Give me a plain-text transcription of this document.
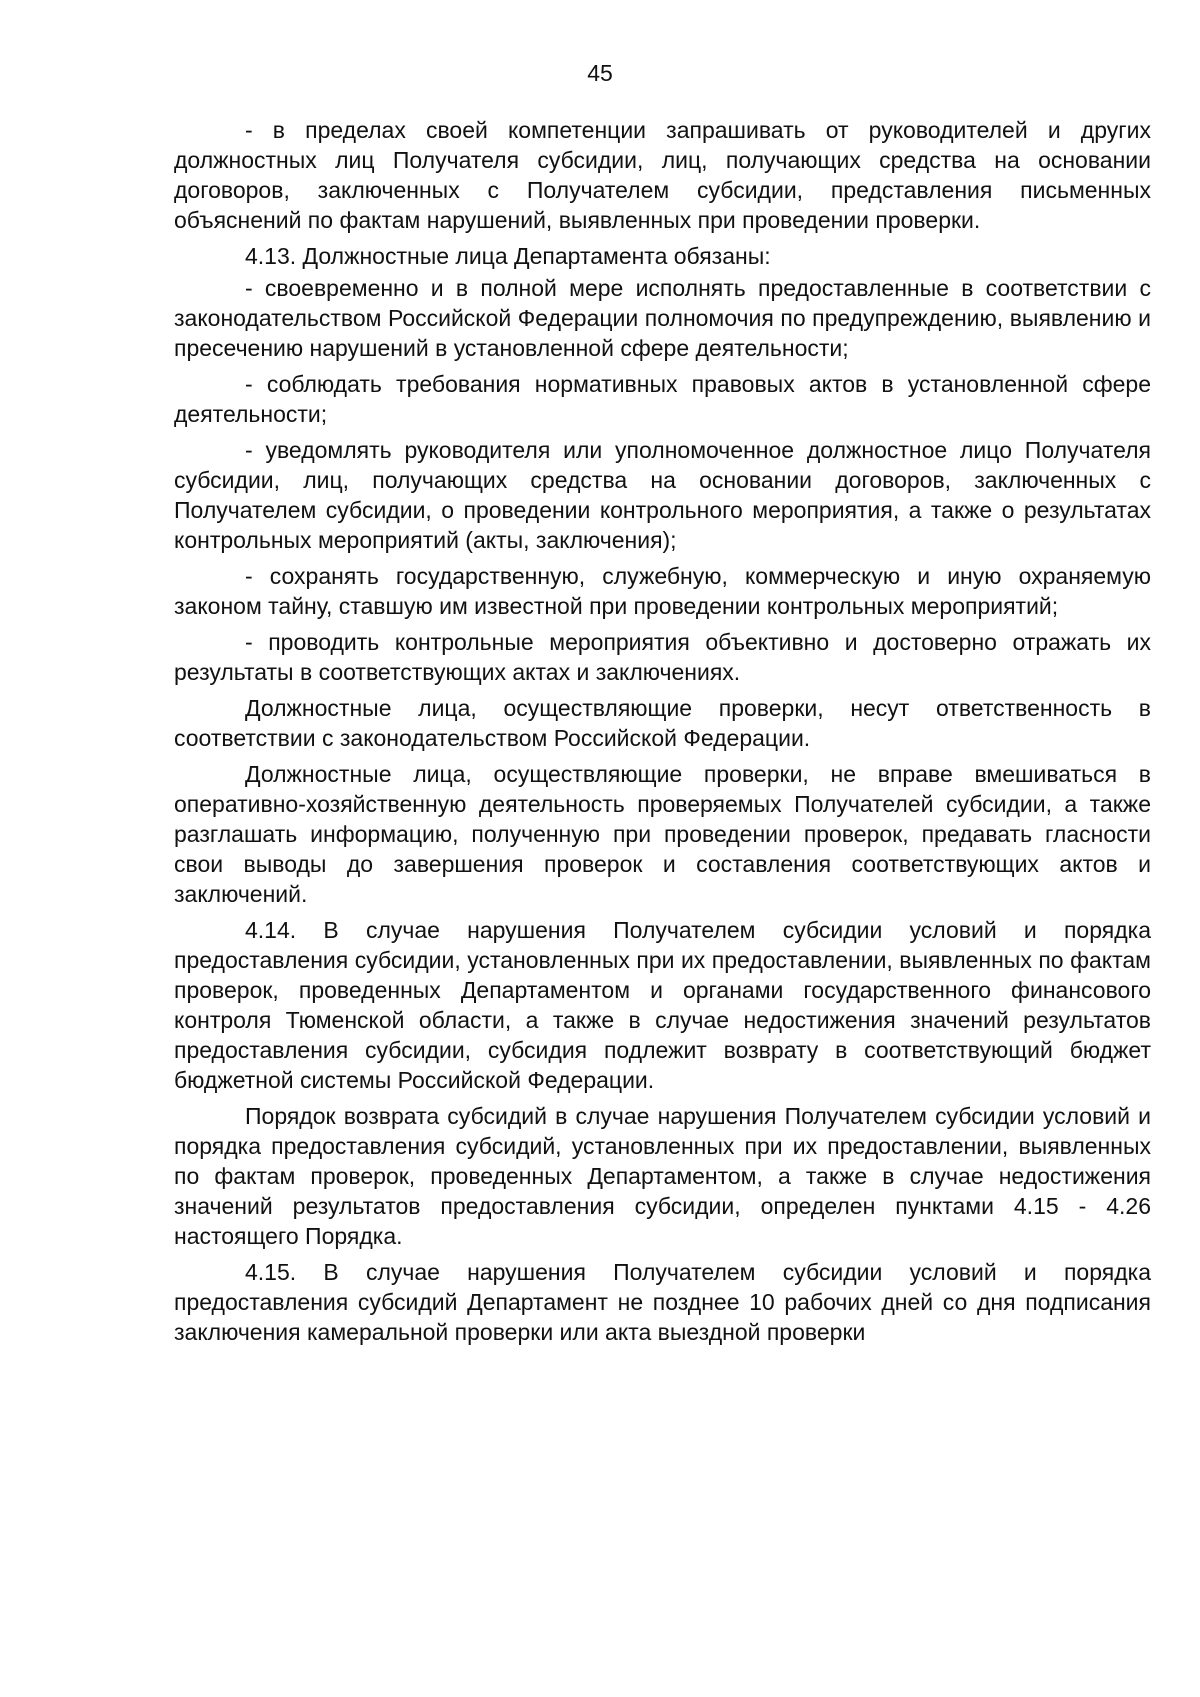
45

- в пределах своей компетенции запрашивать от руководителей и других должностных лиц Получателя субсидии, лиц, получающих средства на основании договоров, заключенных с Получателем субсидии, представления письменных объяснений по фактам нарушений, выявленных при проведении проверки.

4.13. Должностные лица Департамента обязаны:

- своевременно и в полной мере исполнять предоставленные в соответствии с законодательством Российской Федерации полномочия по предупреждению, выявлению и пресечению нарушений в установленной сфере деятельности;

- соблюдать требования нормативных правовых актов в установленной сфере деятельности;

- уведомлять руководителя или уполномоченное должностное лицо Получателя субсидии, лиц, получающих средства на основании договоров, заключенных с Получателем субсидии, о проведении контрольного мероприятия, а также о результатах контрольных мероприятий (акты, заключения);

- сохранять государственную, служебную, коммерческую и иную охраняемую законом тайну, ставшую им известной при проведении контрольных мероприятий;

- проводить контрольные мероприятия объективно и достоверно отражать их результаты в соответствующих актах и заключениях.

Должностные лица, осуществляющие проверки, несут ответственность в соответствии с законодательством Российской Федерации.

Должностные лица, осуществляющие проверки, не вправе вмешиваться в оперативно-хозяйственную деятельность проверяемых Получателей субсидии, а также разглашать информацию, полученную при проведении проверок, предавать гласности свои выводы до завершения проверок и составления соответствующих актов и заключений.

4.14. В случае нарушения Получателем субсидии условий и порядка предоставления субсидии, установленных при их предоставлении, выявленных по фактам проверок, проведенных Департаментом и органами государственного финансового контроля Тюменской области, а также в случае недостижения значений результатов предоставления субсидии, субсидия подлежит возврату в соответствующий бюджет бюджетной системы Российской Федерации.

Порядок возврата субсидий в случае нарушения Получателем субсидии условий и порядка предоставления субсидий, установленных при их предоставлении, выявленных по фактам проверок, проведенных Департаментом, а также в случае недостижения значений результатов предоставления субсидии, определен пунктами 4.15 - 4.26 настоящего Порядка.

4.15. В случае нарушения Получателем субсидии условий и порядка предоставления субсидий Департамент не позднее 10 рабочих дней со дня подписания заключения камеральной проверки или акта выездной проверки
